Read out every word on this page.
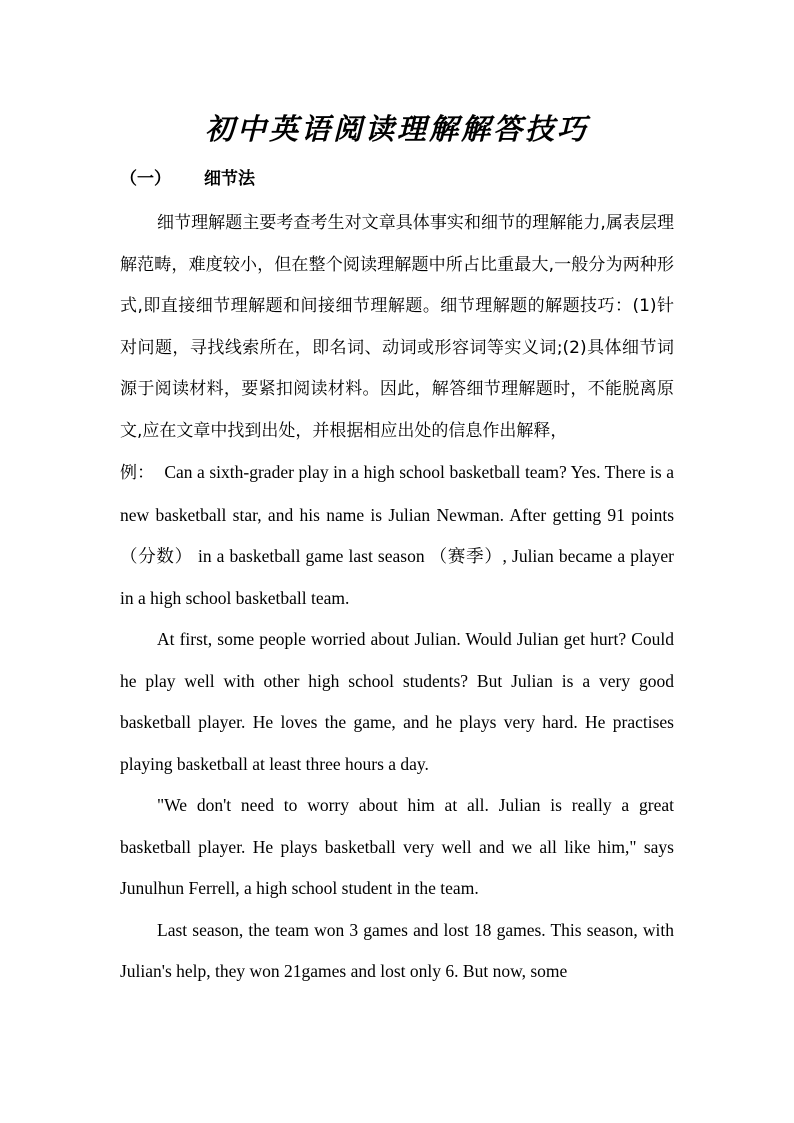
初中英语阅读理解解答技巧
（一） 细节法

细节理解题主要考查考生对文章具体事实和细节的理解能力,属表层理解范畴，难度较小，但在整个阅读理解题中所占比重最大,一般分为两种形式,即直接细节理解题和间接细节理解题。细节理解题的解题技巧：(1)针对问题，寻找线索所在，即名词、动词或形容词等实义词;(2)具体细节词源于阅读材料，要紧扣阅读材料。因此，解答细节理解题时，不能脱离原文,应在文章中找到出处，并根据相应出处的信息作出解释，

例： Can a sixth-grader play in a high school basketball team? Yes. There is a new basketball star, and his name is Julian Newman. After getting 91 points （分数） in a basketball game last season （赛季）, Julian became a player in a high school basketball team.

At first, some people worried about Julian. Would Julian get hurt? Could he play well with other high school students? But Julian is a very good basketball player. He loves the game, and he plays very hard. He practises playing basketball at least three hours a day.

"We don't need to worry about him at all. Julian is really a great basketball player. He plays basketball very well and we all like him," says Junulhun Ferrell, a high school student in the team.

Last season, the team won 3 games and lost 18 games. This season, with Julian's help, they won 21games and lost only 6. But now, some
